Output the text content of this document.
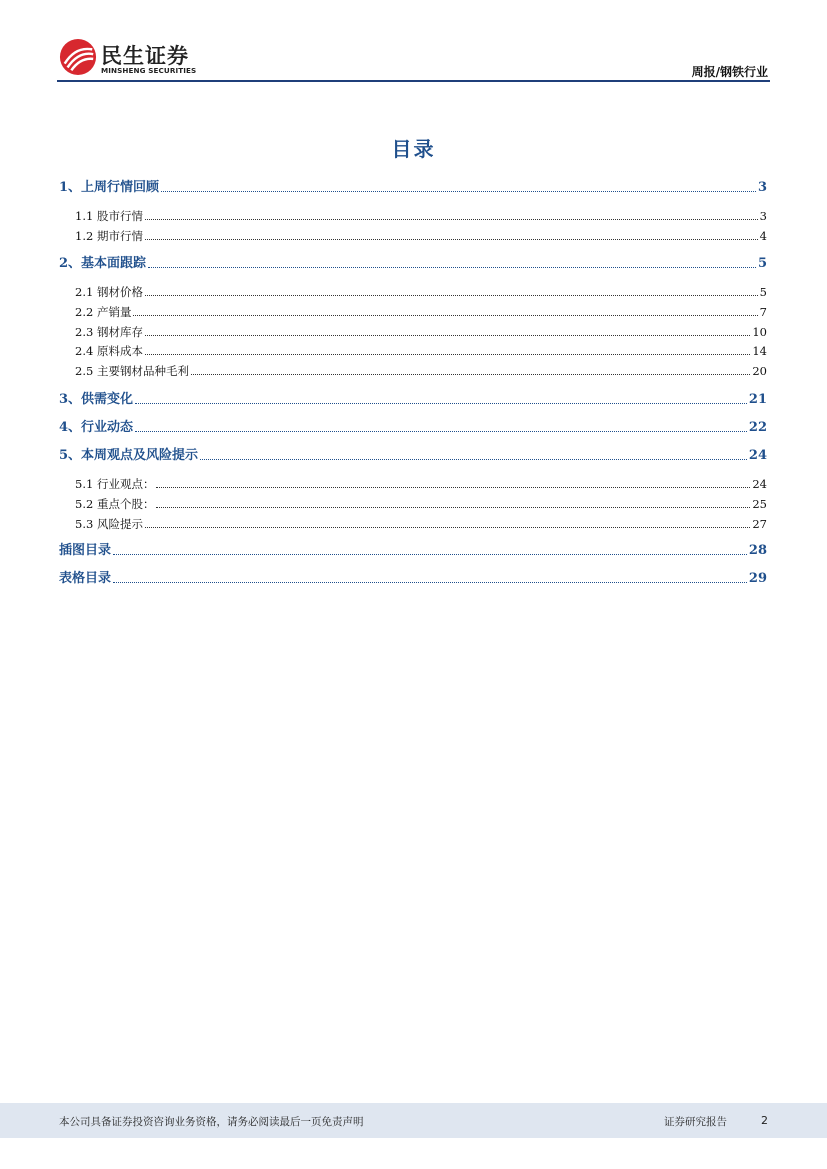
民生证券
MINSHENG SECURITIES	周报/钢铁行业
目录
1、上周行情回顾	3
1.1 股市行情	3
1.2 期市行情	4
2、基本面跟踪	5
2.1 钢材价格	5
2.2 产销量	7
2.3 钢材库存	10
2.4 原料成本	14
2.5 主要钢材品种毛利	20
3、供需变化	21
4、行业动态	22
5、本周观点及风险提示	24
5.1 行业观点：	24
5.2 重点个股：	25
5.3 风险提示	27
插图目录	28
表格目录	29
本公司具备证券投资咨询业务资格，请务必阅读最后一页免责声明	证券研究报告	2
